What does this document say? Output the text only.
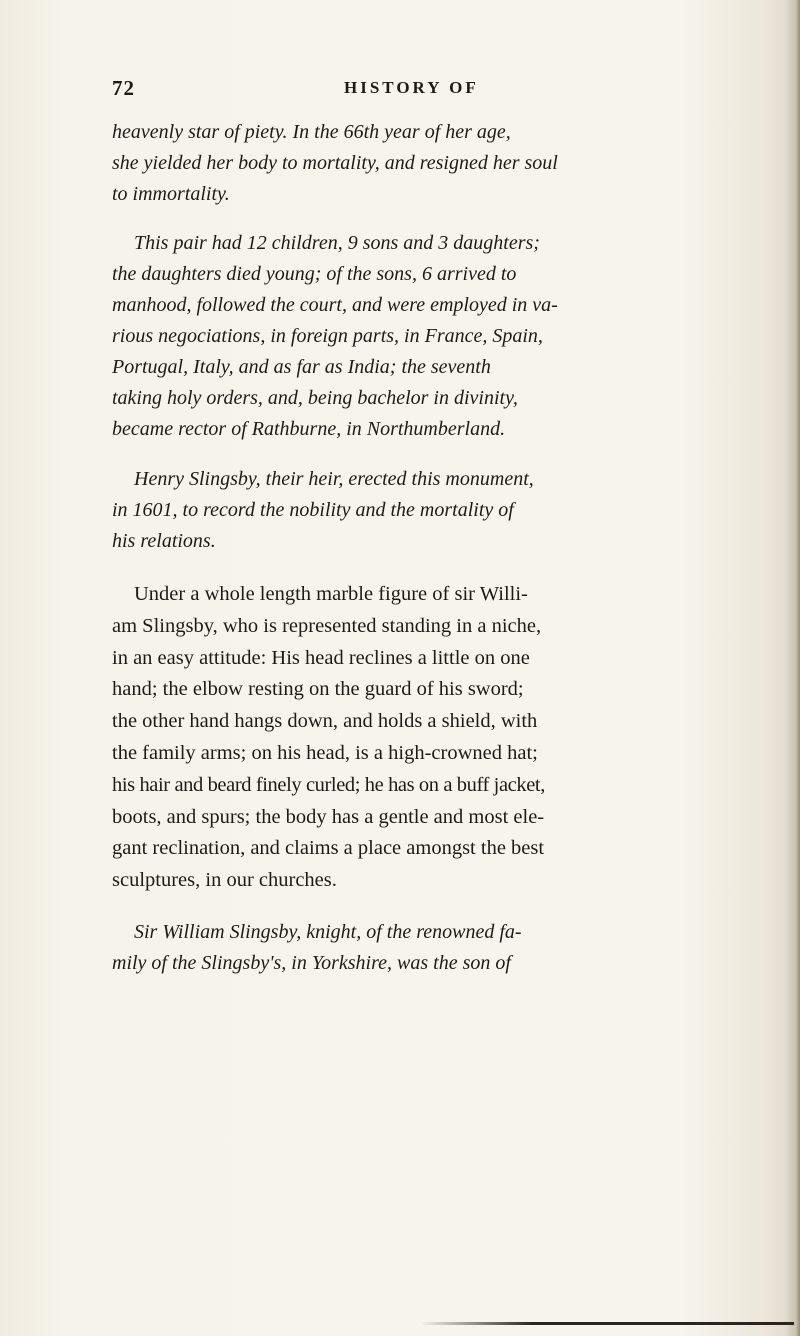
72	HISTORY OF
heavenly star of piety. In the 66th year of her age,
she yielded her body to mortality, and resigned her soul
to immortality.
This pair had 12 children, 9 sons and 3 daughters;
the daughters died young; of the sons, 6 arrived to
manhood, followed the court, and were employed in va-
rious negociations, in foreign parts, in France, Spain,
Portugal, Italy, and as far as India; the seventh
taking holy orders, and, being bachelor in divinity,
became rector of Rathburne, in Northumberland.
Henry Slingsby, their heir, erected this monument,
in 1601, to record the nobility and the mortality of
his relations.
Under a whole length marble figure of sir Willi-
am Slingsby, who is represented standing in a niche,
in an easy attitude: His head reclines a little on one
hand; the elbow resting on the guard of his sword;
the other hand hangs down, and holds a shield, with
the family arms; on his head, is a high-crowned hat;
his hair and beard finely curled; he has on a buff jacket,
boots, and spurs; the body has a gentle and most ele-
gant reclination, and claims a place amongst the best
sculptures, in our churches.
Sir William Slingsby, knight, of the renowned fa-
mily of the Slingsby's, in Yorkshire, was the son of
